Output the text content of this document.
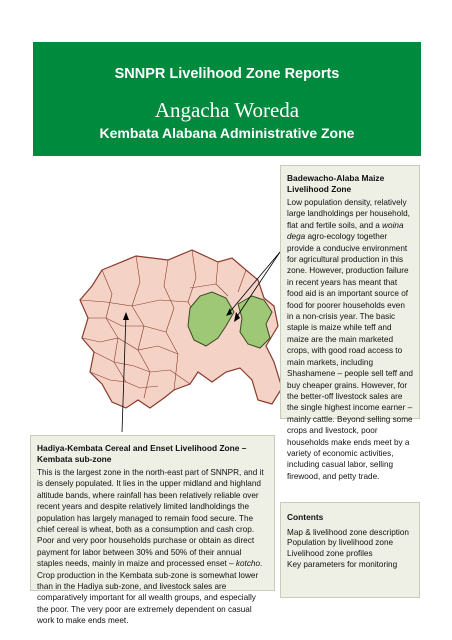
SNNPR Livelihood Zone Reports
Angacha Woreda
Kembata Alabana Administrative Zone
Badewacho-Alaba Maize Livelihood Zone

Low population density, relatively large landholdings per household, flat and fertile soils, and a woina dega agro-ecology together provide a conducive environment for agricultural production in this zone. However, production failure in recent years has meant that food aid is an important source of food for poorer households even in a non-crisis year. The basic staple is maize while teff and maize are the main marketed crops, with good road access to main markets, including Shashamene – people sell teff and buy cheaper grains. However, for the better-off livestock sales are the single highest income earner – mainly cattle. Beyond selling some crops and livestock, poor households make ends meet by a variety of economic activities, including casual labor, selling firewood, and petty trade.

Hadiya-Kembata Cereal and Enset Livelihood Zone – Kembata sub-zone

This is the largest zone in the north-east part of SNNPR, and it is densely populated. It lies in the upper midland and highland altitude bands, where rainfall has been relatively reliable over recent years and despite relatively limited landholdings the population has largely managed to remain food secure. The chief cereal is wheat, both as a consumption and cash crop. Poor and very poor households purchase or obtain as direct payment for labor between 30% and 50% of their annual staples needs, mainly in maize and processed enset – kotcho. Crop production in the Kembata sub-zone is somewhat lower than in the Hadiya sub-zone, and livestock sales are comparatively important for all wealth groups, and especially the poor. The very poor are extremely dependent on casual work to make ends meet.

Contents
Map & livelihood zone description
Population by livelihood zone
Livelihood zone profiles
Key parameters for monitoring
